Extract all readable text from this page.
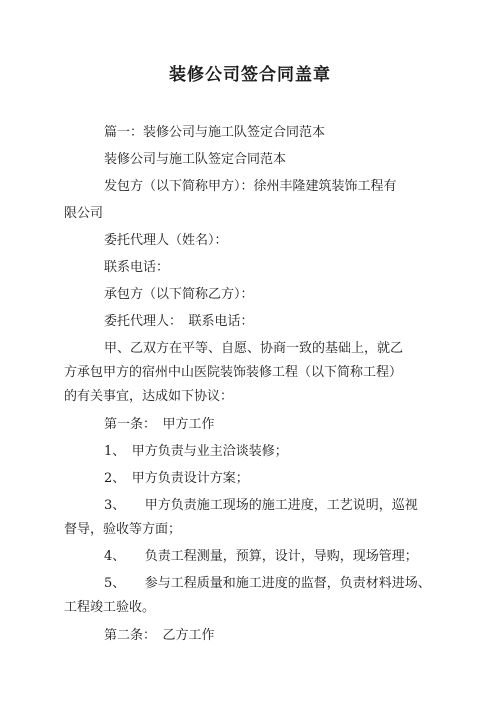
装修公司签合同盖章
篇一：装修公司与施工队签定合同范本
装修公司与施工队签定合同范本
发包方（以下简称甲方）：徐州丰隆建筑装饰工程有
限公司
委托代理人（姓名）：
联系电话：
承包方（以下简称乙方）：
委托代理人：　联系电话：
甲、乙双方在平等、自愿、协商一致的基础上，就乙
方承包甲方的宿州中山医院装饰装修工程（以下简称工程）
的有关事宜，达成如下协议：
第一条：　甲方工作
1、　甲方负责与业主洽谈装修；
2、　甲方负责设计方案；
3、　　甲方负责施工现场的施工进度，工艺说明，巡视
督导，验收等方面；
4、　　负责工程测量，预算，设计，导购，现场管理；
5、　　参与工程质量和施工进度的监督，负责材料进场、
工程竣工验收。
第二条：　乙方工作
